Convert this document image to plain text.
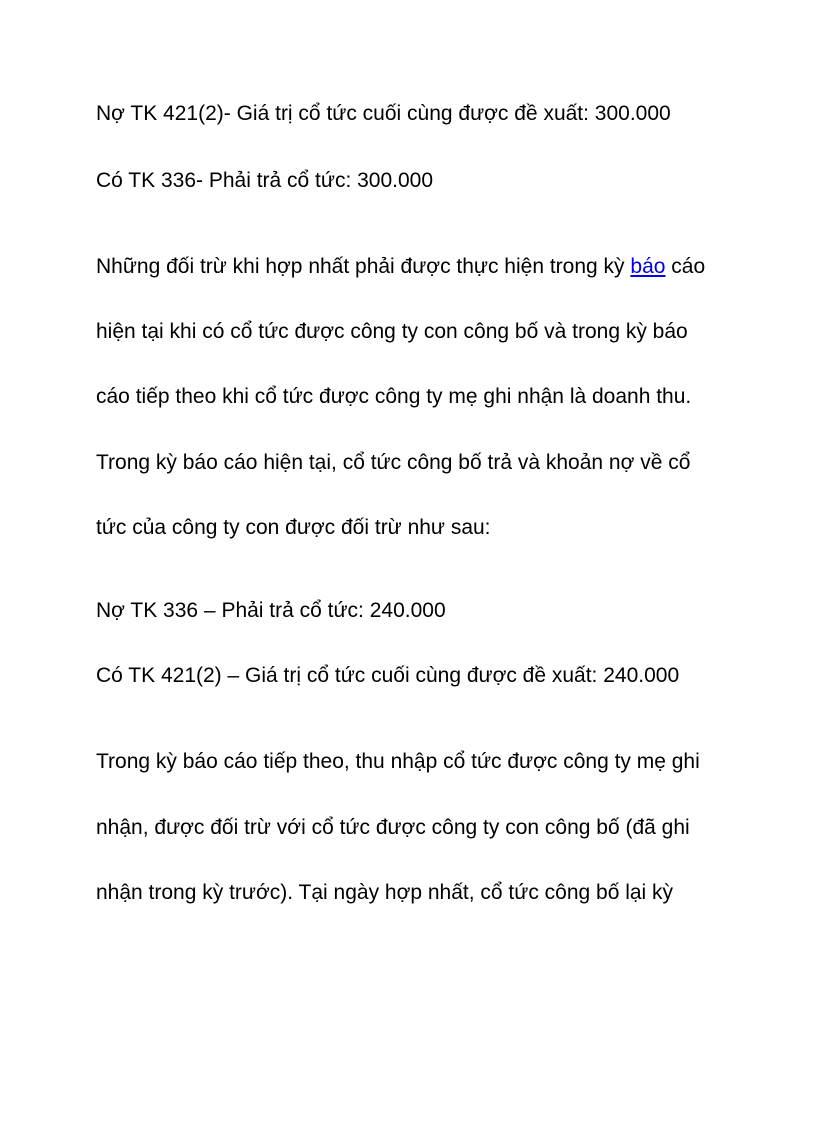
Nợ TK 421(2)- Giá trị cổ tức cuối cùng được đề xuất: 300.000
Có TK 336- Phải trả cổ tức: 300.000
Những đối trừ khi hợp nhất phải được thực hiện trong kỳ báo cáo
hiện tại khi có cổ tức được công ty con công bố và trong kỳ báo
cáo tiếp theo khi cổ tức được công ty mẹ ghi nhận là doanh thu.
Trong kỳ báo cáo hiện tại, cổ tức công bố trả và khoản nợ về cổ
tức của công ty con được đối trừ như sau:
Nợ TK 336 – Phải trả cổ tức: 240.000
Có TK 421(2) – Giá trị cổ tức cuối cùng được đề xuất: 240.000
Trong kỳ báo cáo tiếp theo, thu nhập cổ tức được công ty mẹ ghi
nhận, được đối trừ với cổ tức được công ty con công bố (đã ghi
nhận trong kỳ trước). Tại ngày hợp nhất, cổ tức công bố lại kỳ
